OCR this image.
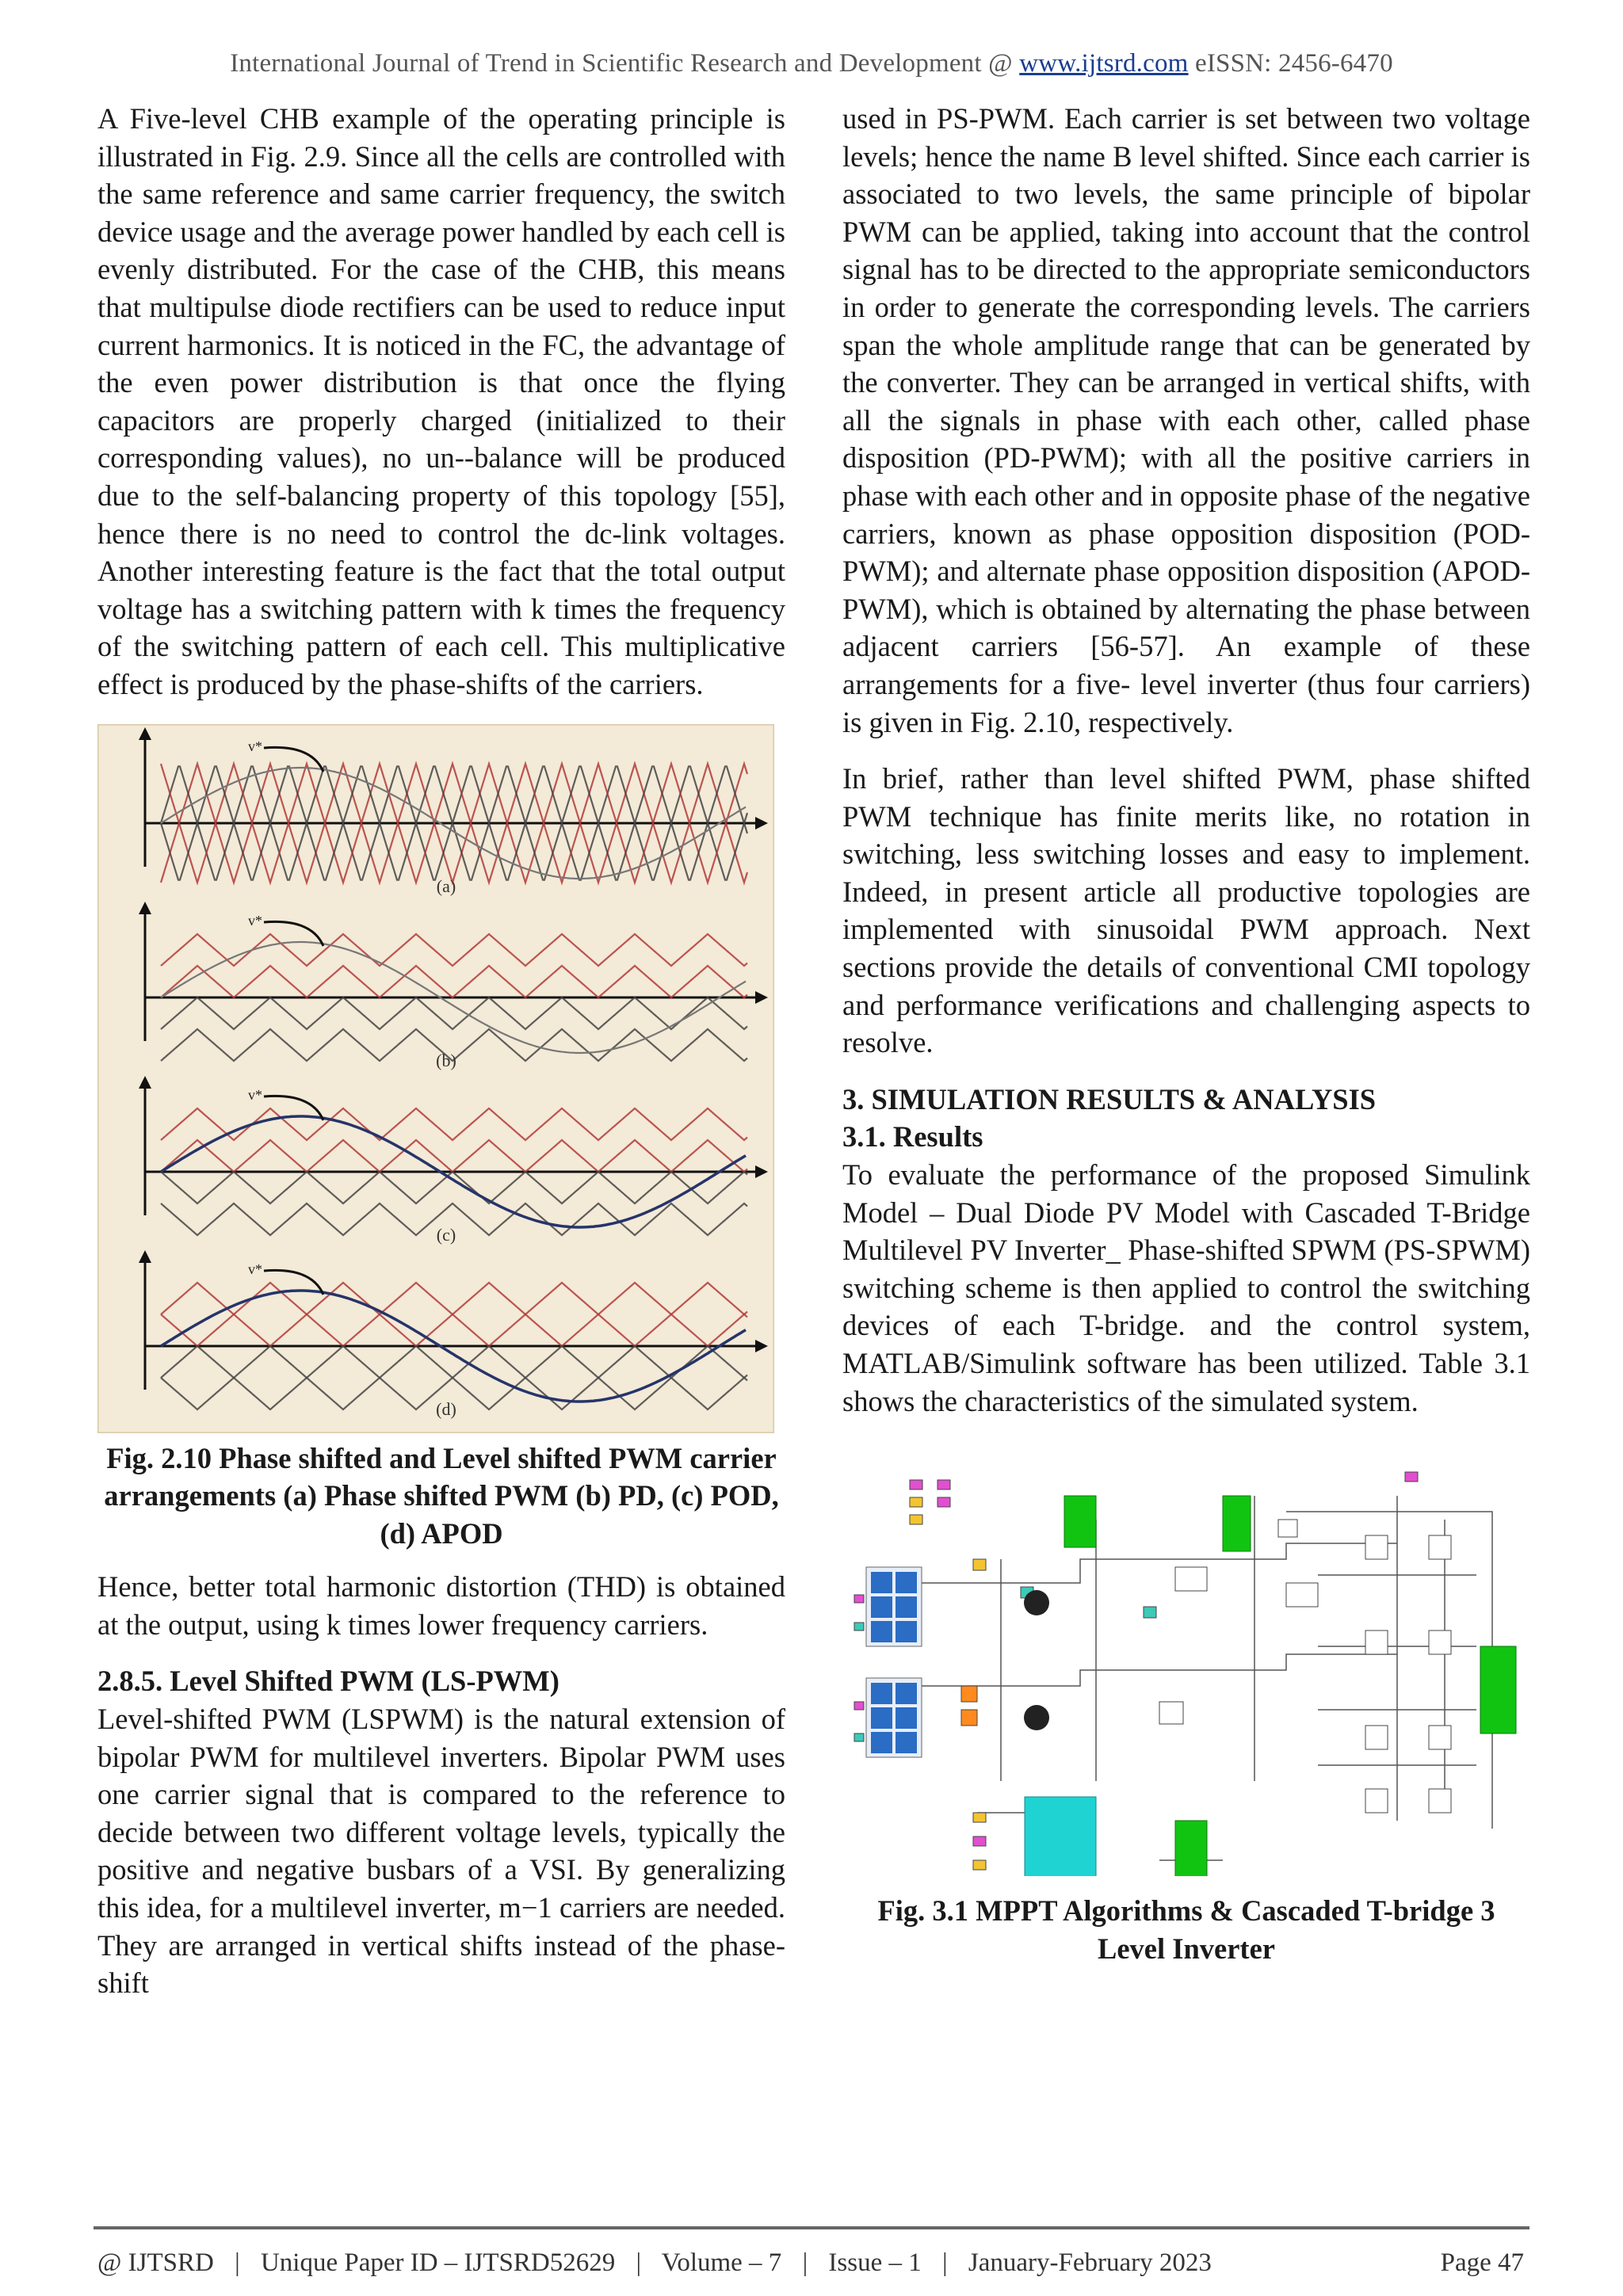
International Journal of Trend in Scientific Research and Development @ www.ijtsrd.com eISSN: 2456-6470

A Five-level CHB example of the operating principle is illustrated in Fig. 2.9. Since all the cells are controlled with the same reference and same carrier frequency, the switch device usage and the average power handled by each cell is evenly distributed. For the case of the CHB, this means that multipulse diode rectifiers can be used to reduce input current harmonics. It is noticed in the FC, the advantage of the even power distribution is that once the flying capacitors are properly charged (initialized to their corresponding values), no un--balance will be produced due to the self-balancing property of this topology [55], hence there is no need to control the dc-link voltages. Another interesting feature is the fact that the total output voltage has a switching pattern with k times the frequency of the switching pattern of each cell. This multiplicative effect is produced by the phase-shifts of the carriers.

v*
(a)
v*
(b)
v*
(c)
v*
(d)

Fig. 2.10 Phase shifted and Level shifted PWM carrier arrangements (a) Phase shifted PWM (b) PD, (c) POD, (d) APOD

Hence, better total harmonic distortion (THD) is obtained at the output, using k times lower frequency carriers.

2.8.5. Level Shifted PWM (LS-PWM)

Level-shifted PWM (LSPWM) is the natural extension of bipolar PWM for multilevel inverters. Bipolar PWM uses one carrier signal that is compared to the reference to decide between two different voltage levels, typically the positive and negative busbars of a VSI. By generalizing this idea, for a multilevel inverter, m−1 carriers are needed. They are arranged in vertical shifts instead of the phase-shift

used in PS-PWM. Each carrier is set between two voltage levels; hence the name B level shifted. Since each carrier is associated to two levels, the same principle of bipolar PWM can be applied, taking into account that the control signal has to be directed to the appropriate semiconductors in order to generate the corresponding levels. The carriers span the whole amplitude range that can be generated by the converter. They can be arranged in vertical shifts, with all the signals in phase with each other, called phase disposition (PD-PWM); with all the positive carriers in phase with each other and in opposite phase of the negative carriers, known as phase opposition disposition (POD-PWM); and alternate phase opposition disposition (APOD-PWM), which is obtained by alternating the phase between adjacent carriers [56-57]. An example of these arrangements for a five- level inverter (thus four carriers) is given in Fig. 2.10, respectively.

In brief, rather than level shifted PWM, phase shifted PWM technique has finite merits like, no rotation in switching, less switching losses and easy to implement. Indeed, in present article all productive topologies are implemented with sinusoidal PWM approach. Next sections provide the details of conventional CMI topology and performance verifications and challenging aspects to resolve.

3. SIMULATION RESULTS & ANALYSIS
3.1. Results

To evaluate the performance of the proposed Simulink Model – Dual Diode PV Model with Cascaded T-Bridge Multilevel PV Inverter_ Phase-shifted SPWM (PS-SPWM) switching scheme is then applied to control the switching devices of each T-bridge. and the control system, MATLAB/Simulink software has been utilized. Table 3.1 shows the characteristics of the simulated system.

Fig. 3.1 MPPT Algorithms & Cascaded T-bridge 3 Level Inverter

@ IJTSRD | Unique Paper ID – IJTSRD52629 | Volume – 7 | Issue – 1 | January-February 2023	Page 47
